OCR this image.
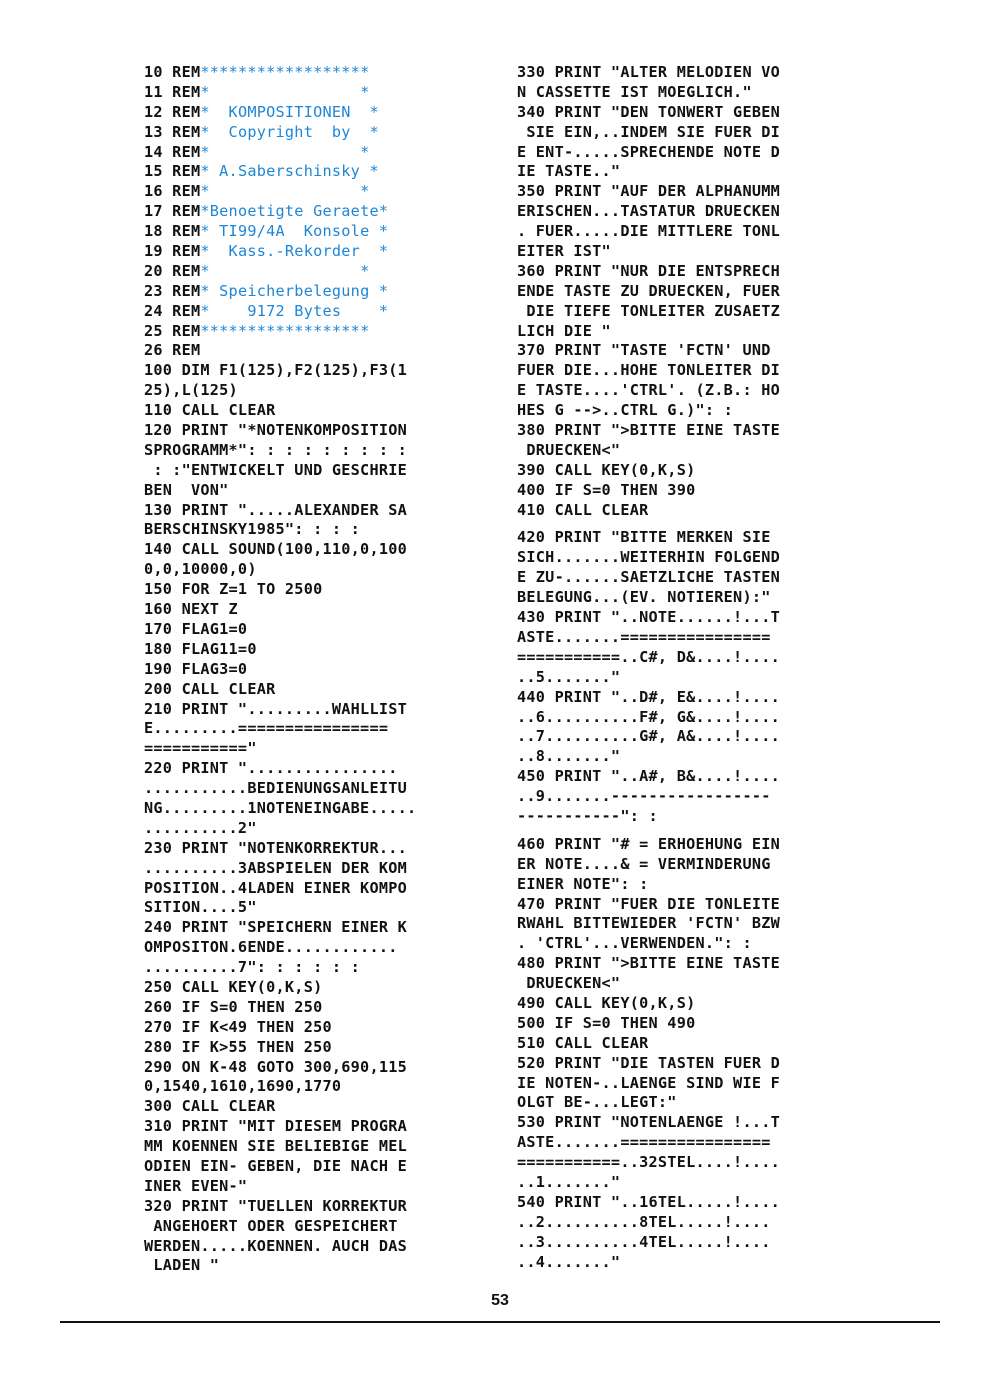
10 REM******************
11 REM*                *
12 REM*  KOMPOSITIONEN  *
13 REM*  Copyright  by  *
14 REM*                *
15 REM* A.Saberschinsky *
16 REM*                *
17 REM*Benoetigte Geraete*
18 REM* TI99/4A  Konsole *
19 REM*  Kass.-Rekorder  *
20 REM*                *
23 REM* Speicherbelegung *
24 REM*    9172 Bytes    *
25 REM******************
26 REM
100 DIM F1(125),F2(125),F3(1
25),L(125)
110 CALL CLEAR
120 PRINT "*NOTENKOMPOSITION
SPROGRAMM*": : : : : : : : :
: :"ENTWICKELT UND GESCHRIE
BEN  VON"
130 PRINT ".....ALEXANDER SA
BERSCHINSKY1985": : : :
140 CALL SOUND(100,110,0,100
0,0,10000,0)
150 FOR Z=1 TO 2500
160 NEXT Z
170 FLAG1=0
180 FLAG11=0
190 FLAG3=0
200 CALL CLEAR
210 PRINT ".........WAHLLIST
E.........================
==========="
220 PRINT "................
...........BEDIENUNGSANLEITU
NG.........1NOTENEINGABE.....
..........2"
230 PRINT "NOTENKORREKTUR...
..........3ABSPIELEN DER KOM
POSITION..4LADEN EINER KOMPO
SITION....5"
240 PRINT "SPEICHERN EINER K
OMPOSITON.6ENDE............
..........7": : : : : :
250 CALL KEY(0,K,S)
260 IF S=0 THEN 250
270 IF K<49 THEN 250
280 IF K>55 THEN 250
290 ON K-48 GOTO 300,690,115
0,1540,1610,1690,1770
300 CALL CLEAR
310 PRINT "MIT DIESEM PROGRA
MM KOENNEN SIE BELIEBIGE MEL
ODIEN EIN- GEBEN, DIE NACH E
INER EVEN-"
320 PRINT "TUELLEN KORREKTUR
ANGEHOERT ODER GESPEICHERT
WERDEN.....KOENNEN. AUCH DAS
LADEN "
330 PRINT "ALTER MELODIEN VO
N CASSETTE IST MOEGLICH."
340 PRINT "DEN TONWERT GEBEN
SIE EIN,..INDEM SIE FUER DI
E ENT-.....SPRECHENDE NOTE D
IE TASTE.."
350 PRINT "AUF DER ALPHANUMM
ERISCHEN...TASTATUR DRUECKEN
. FUER.....DIE MITTLERE TONL
EITER IST"
360 PRINT "NUR DIE ENTSPRECH
ENDE TASTE ZU DRUECKEN, FUER
DIE TIEFE TONLEITER ZUSAETZ
LICH DIE "
370 PRINT "TASTE 'FCTN' UND
FUER DIE...HOHE TONLEITER DI
E TASTE....'CTRL'. (Z.B.: HO
HES G -->..CTRL G.)": :
380 PRINT ">BITTE EINE TASTE
DRUECKEN<"
390 CALL KEY(0,K,S)
400 IF S=0 THEN 390
410 CALL CLEAR
420 PRINT "BITTE MERKEN SIE
SICH.......WEITERHIN FOLGEND
E ZU-......SAETZLICHE TASTEN
BELEGUNG...(EV. NOTIEREN):"
430 PRINT "..NOTE......!...T
ASTE.......================
===========..C#, D&....!....
..5......."
440 PRINT "..D#, E&....!....
..6..........F#, G&....!....
..7..........G#, A&....!....
..8......."
450 PRINT "..A#, B&....!....
..9.......-----------------
-----------": :
460 PRINT "# = ERHOEHUNG EIN
ER NOTE....& = VERMINDERUNG
EINER NOTE": :
470 PRINT "FUER DIE TONLEITE
RWAHL BITTEWIEDER 'FCTN' BZW
. 'CTRL'...VERWENDEN.": :
480 PRINT ">BITTE EINE TASTE
DRUECKEN<"
490 CALL KEY(0,K,S)
500 IF S=0 THEN 490
510 CALL CLEAR
520 PRINT "DIE TASTEN FUER D
IE NOTEN-..LAENGE SIND WIE F
OLGT BE-...LEGT:"
530 PRINT "NOTENLAENGE !...T
ASTE.......================
===========..32STEL....!....
..1......."
540 PRINT "..16TEL.....!....
..2..........8TEL.....!....
..3..........4TEL.....!....
..4......."
53
